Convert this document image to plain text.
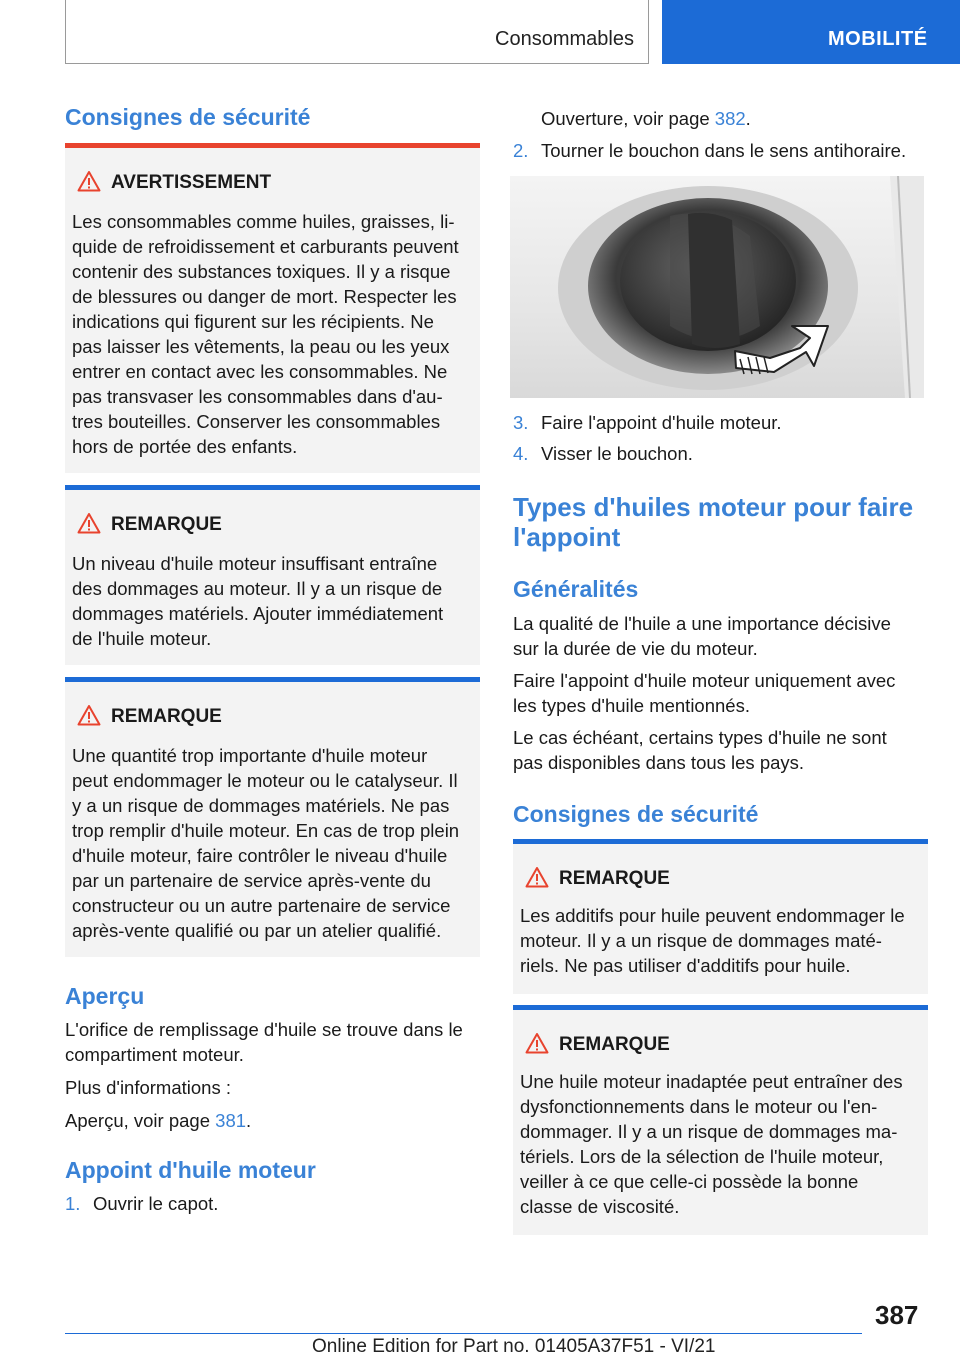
Consommables	MOBILITÉ
Consignes de sécurité
AVERTISSEMENT
Les consommables comme huiles, graisses, li‑
quide de refroidissement et carburants peuvent
contenir des substances toxiques. Il y a risque
de blessures ou danger de mort. Respecter les
indications qui figurent sur les récipients. Ne
pas laisser les vêtements, la peau ou les yeux
entrer en contact avec les consommables. Ne
pas transvaser les consommables dans d'au‑
tres bouteilles. Conserver les consommables
hors de portée des enfants.
REMARQUE
Un niveau d'huile moteur insuffisant entraîne
des dommages au moteur. Il y a un risque de
dommages matériels. Ajouter immédiatement
de l'huile moteur.
REMARQUE
Une quantité trop importante d'huile moteur
peut endommager le moteur ou le catalyseur. Il
y a un risque de dommages matériels. Ne pas
trop remplir d'huile moteur. En cas de trop plein
d'huile moteur, faire contrôler le niveau d'huile
par un partenaire de service après‑vente du
constructeur ou un autre partenaire de service
après‑vente qualifié ou par un atelier qualifié.
Aperçu
L'orifice de remplissage d'huile se trouve dans le
compartiment moteur.
Plus d'informations :
Aperçu, voir page 381.
Appoint d'huile moteur
1. Ouvrir le capot.
Ouverture, voir page 382.
2. Tourner le bouchon dans le sens antihoraire.
3. Faire l'appoint d'huile moteur.
4. Visser le bouchon.
Types d'huiles moteur pour faire
l'appoint
Généralités
La qualité de l'huile a une importance décisive
sur la durée de vie du moteur.
Faire l'appoint d'huile moteur uniquement avec
les types d'huile mentionnés.
Le cas échéant, certains types d'huile ne sont
pas disponibles dans tous les pays.
Consignes de sécurité
REMARQUE
Les additifs pour huile peuvent endommager le
moteur. Il y a un risque de dommages maté‑
riels. Ne pas utiliser d'additifs pour huile.
REMARQUE
Une huile moteur inadaptée peut entraîner des
dysfonctionnements dans le moteur ou l'en‑
dommager. Il y a un risque de dommages ma‑
tériels. Lors de la sélection de l'huile moteur,
veiller à ce que celle‑ci possède la bonne
classe de viscosité.
387
Online Edition for Part no. 01405A37F51 - VI/21
